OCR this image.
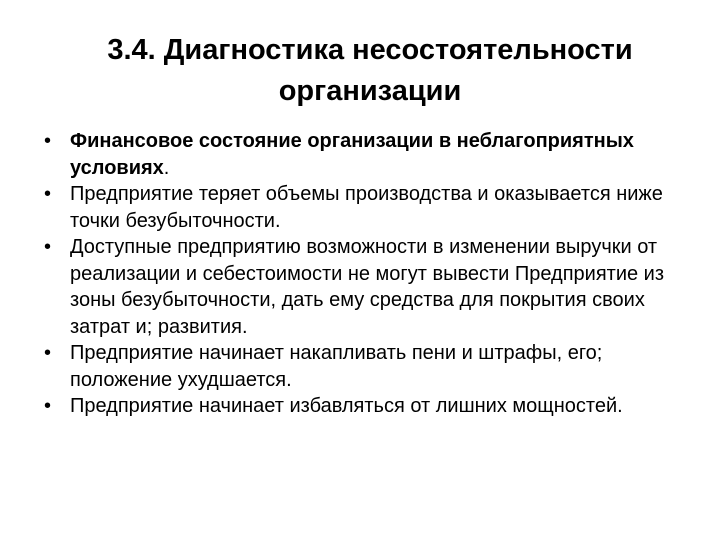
3.4. Диагностика несостоятельности
организации
• Финансовое состояние организации в неблагоприятных условиях.
• Предприятие теряет объемы производства и оказывается ниже точки безубыточности.
• Доступные предприятию возможности в изменении выручки от реализации и себестоимости не могут вывести Предприятие из зоны безубыточности, дать ему средства для покрытия своих затрат и; развития.
• Предприятие начинает накапливать пени и штрафы, его; положение ухудшается.
• Предприятие начинает избавляться от лишних мощностей.
